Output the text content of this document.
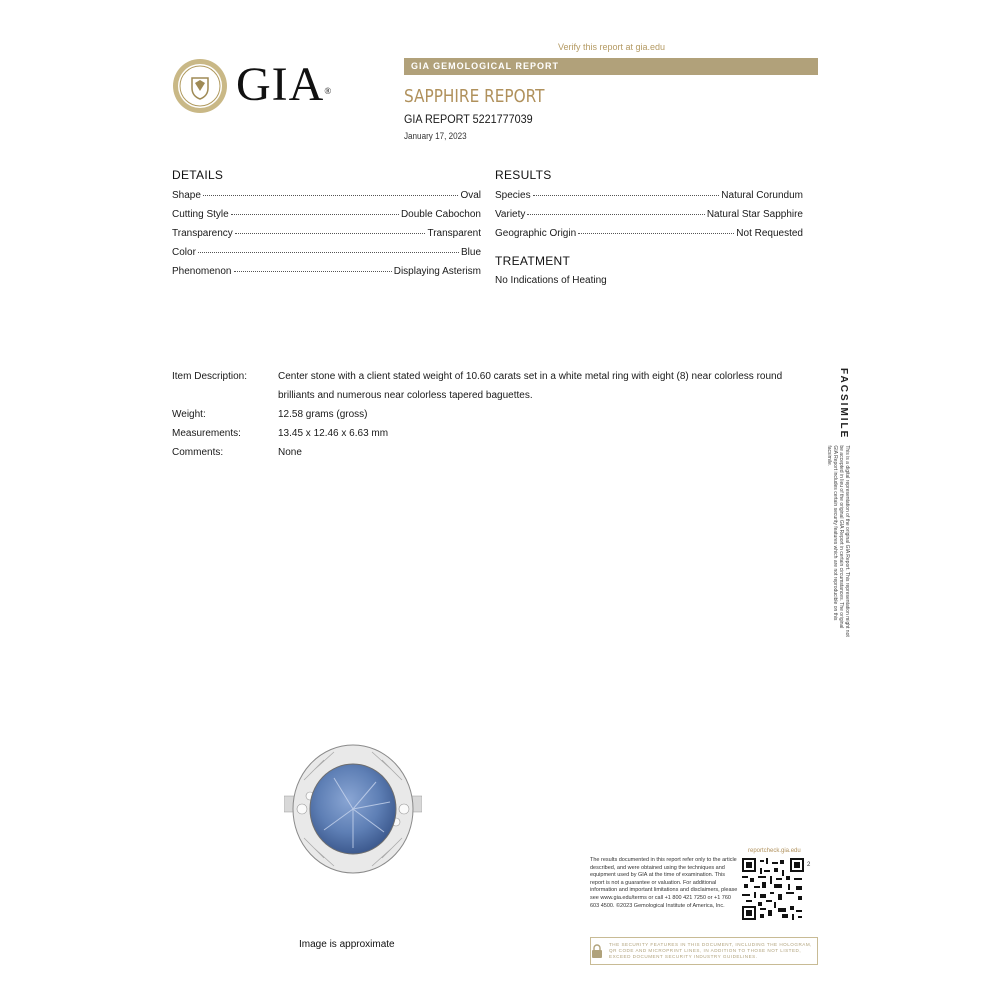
GIA®
Verify this report at gia.edu
GIA GEMOLOGICAL REPORT
SAPPHIRE REPORT
GIA REPORT 5221777039
January 17, 2023
DETAILS
Shape	Oval
Cutting Style	Double Cabochon
Transparency	Transparent
Color	Blue
Phenomenon	Displaying Asterism
RESULTS
Species	Natural Corundum
Variety	Natural Star Sapphire
Geographic Origin	Not Requested
TREATMENT
No Indications of Heating
Item Description:	Center stone with a client stated weight of 10.60 carats set in a white metal ring with eight (8) near colorless round brilliants and numerous near colorless tapered baguettes.
Weight:	12.58 grams (gross)
Measurements:	13.45 x 12.46 x 6.63 mm
Comments:	None
FACSIMILE
This is a digital representation of the original GIA Report. This representation might not be accepted in lieu of the original GIA Report in certain circumstances. The original GIA Report includes certain security features which are not reproducible on this facsimile.
Image is approximate
The results documented in this report refer only to the article described, and were obtained using the techniques and equipment used by GIA at the time of examination. This report is not a guarantee or valuation. For additional information and important limitations and disclaimers, please see www.gia.edu/terms or call +1 800 421 7250 or +1 760 603 4500. ©2023 Gemological Institute of America, Inc.
reportcheck.gia.edu
2
THE SECURITY FEATURES IN THIS DOCUMENT, INCLUDING THE HOLOGRAM, QR CODE AND MICROPRINT LINES, IN ADDITION TO THOSE NOT LISTED, EXCEED DOCUMENT SECURITY INDUSTRY GUIDELINES.
